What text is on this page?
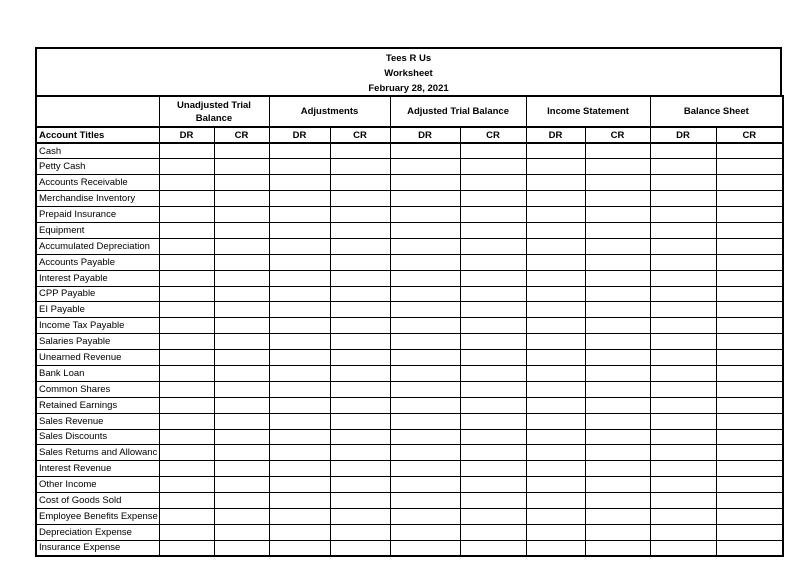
Tees R Us
Worksheet
February 28, 2021
	Unadjusted Trial Balance		Adjustments		Adjusted Trial Balance		Income Statement		Balance Sheet	
Account Titles	DR	CR	DR	CR	DR	CR	DR	CR	DR	CR
Cash										
Petty Cash										
Accounts Receivable										
Merchandise Inventory										
Prepaid Insurance										
Equipment										
Accumulated Depreciation										
Accounts Payable										
Interest Payable										
CPP Payable										
EI Payable										
Income Tax Payable										
Salaries Payable										
Unearned Revenue										
Bank Loan										
Common Shares										
Retained Earnings										
Sales Revenue										
Sales Discounts										
Sales Returns and Allowanc										
Interest Revenue										
Other Income										
Cost of Goods Sold										
Employee Benefits Expense										
Depreciation Expense										
Insurance Expense										
